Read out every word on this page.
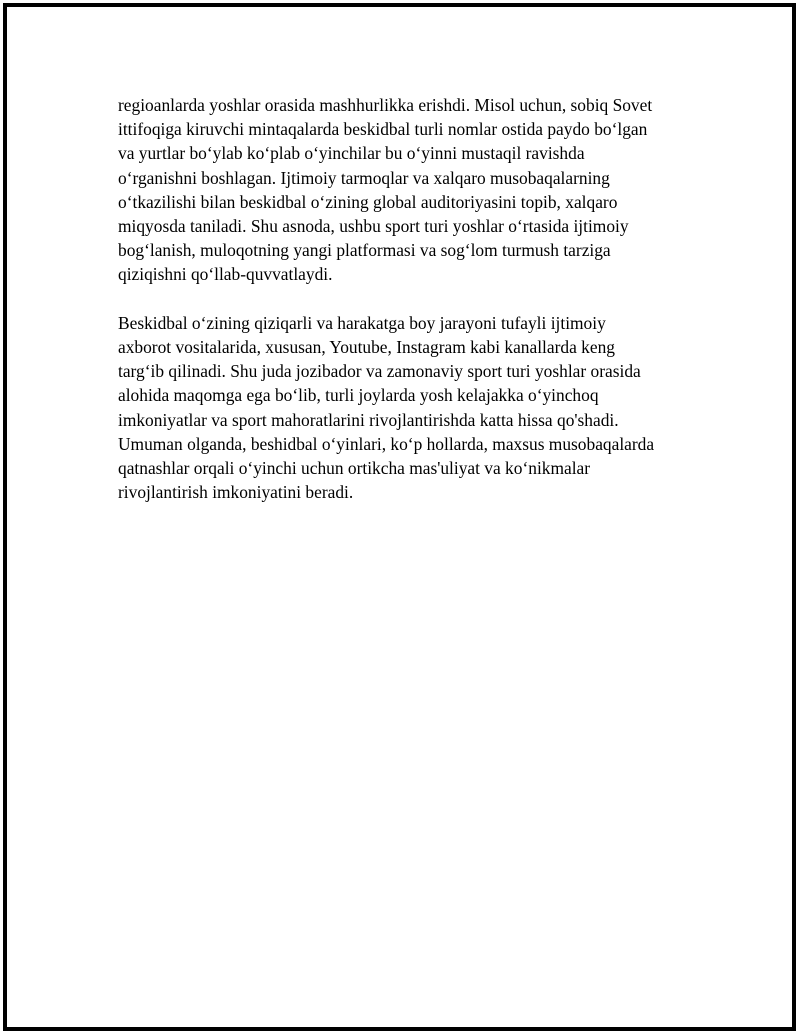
regioanlarda yoshlar orasida mashhurlikka erishdi. Misol uchun, sobiq Sovet
ittifoqiga kiruvchi mintaqalarda beskidbal turli nomlar ostida paydo bo‘lgan
va yurtlar bo‘ylab ko‘plab o‘yinchilar bu o‘yinni mustaqil ravishda
o‘rganishni boshlagan. Ijtimoiy tarmoqlar va xalqaro musobaqalarning
o‘tkazilishi bilan beskidbal o‘zining global auditoriyasini topib, xalqaro
miqyosda taniladi. Shu asnoda, ushbu sport turi yoshlar o‘rtasida ijtimoiy
bog‘lanish, muloqotning yangi platformasi va sog‘lom turmush tarziga
qiziqishni qo‘llab-quvvatlaydi.

Beskidbal o‘zining qiziqarli va harakatga boy jarayoni tufayli ijtimoiy
axborot vositalarida, xususan, Youtube, Instagram kabi kanallarda keng
targ‘ib qilinadi. Shu juda jozibador va zamonaviy sport turi yoshlar orasida
alohida maqomga ega bo‘lib, turli joylarda yosh kelajakka o‘yinchoq
imkoniyatlar va sport mahoratlarini rivojlantirishda katta hissa qo'shadi.
Umuman olganda, beshidbal o‘yinlari, ko‘p hollarda, maxsus musobaqalarda
qatnashlar orqali o‘yinchi uchun ortikcha mas'uliyat va ko‘nikmalar
rivojlantirish imkoniyatini beradi.
